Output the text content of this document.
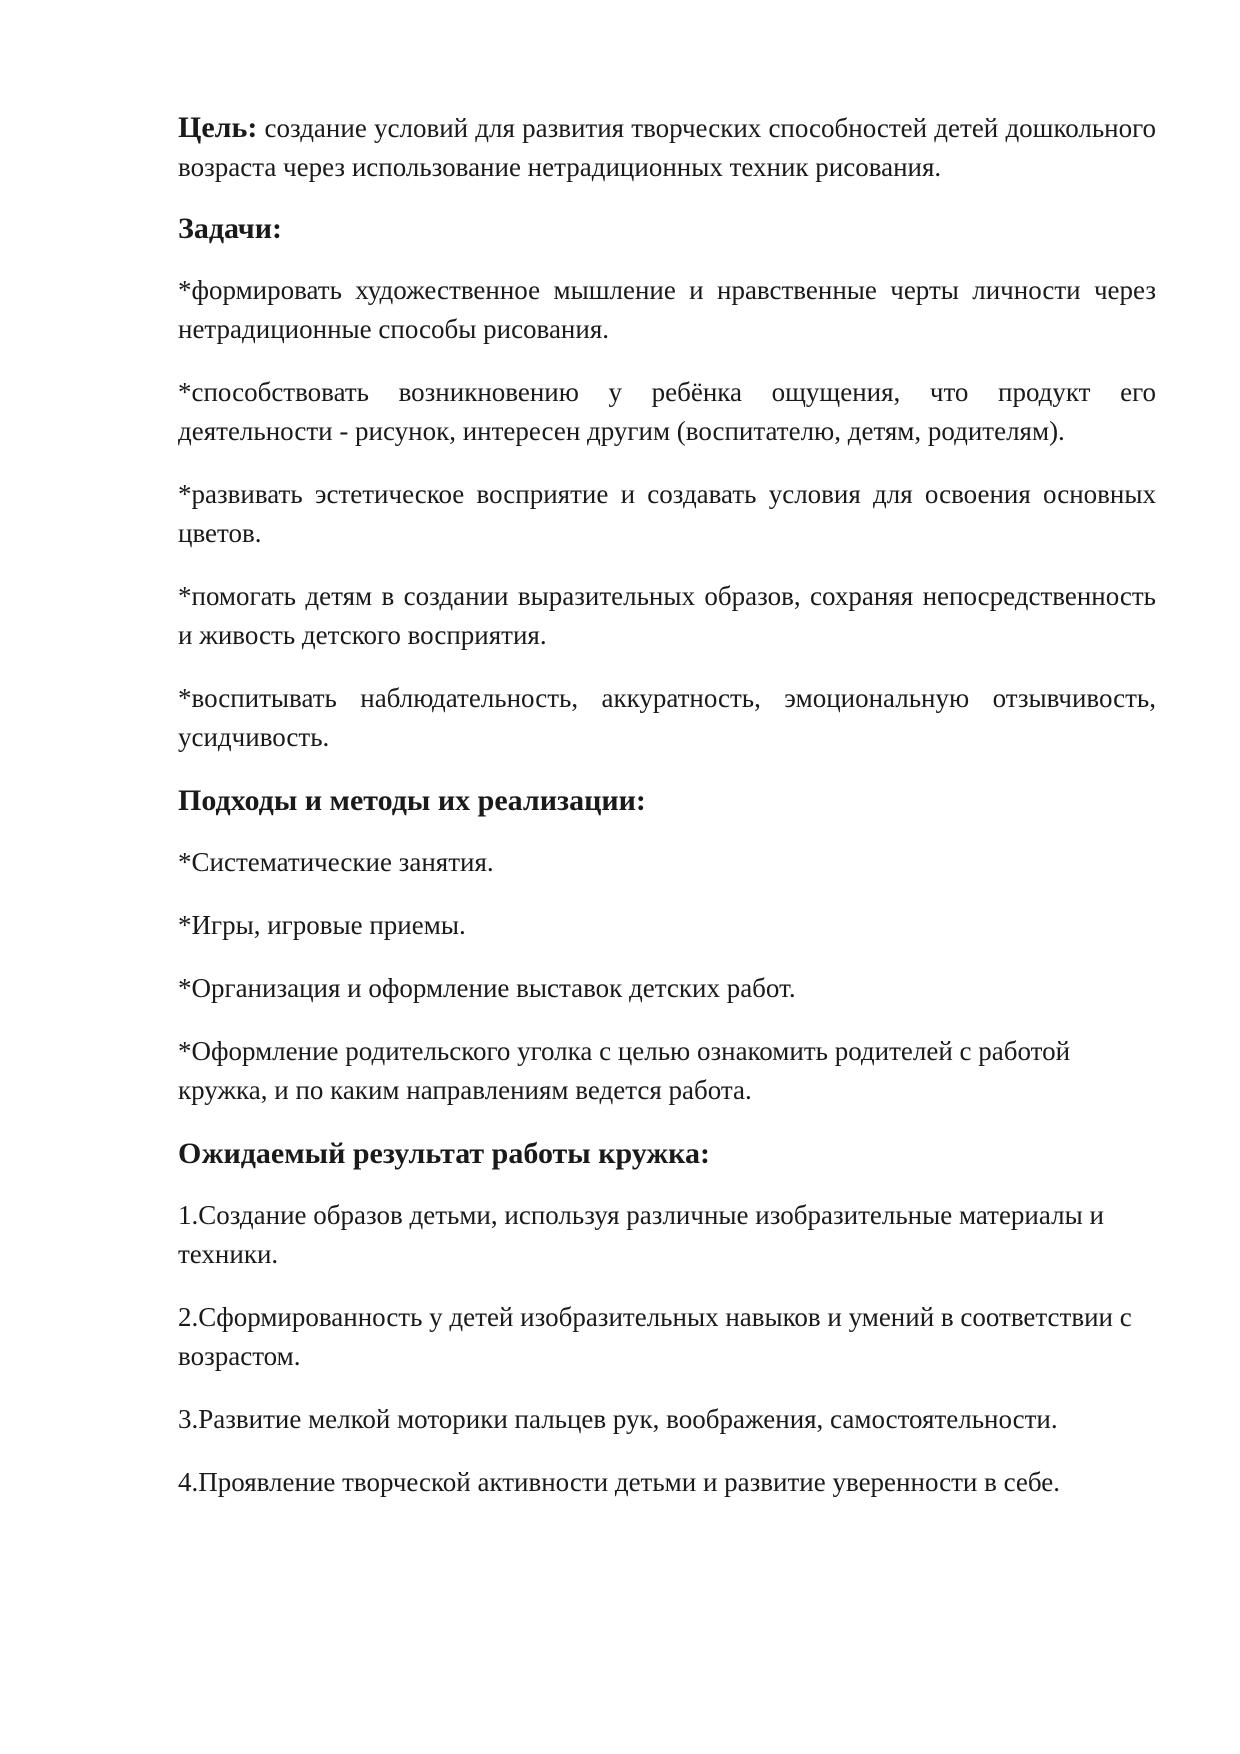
Цель: создание условий для развития творческих способностей детей дошкольного возраста через использование нетрадиционных техник рисования.

Задачи:

*формировать художественное мышление и нравственные черты личности через нетрадиционные способы рисования.

*способствовать возникновению у ребёнка ощущения, что продукт его деятельности - рисунок, интересен другим (воспитателю, детям, родителям).

*развивать эстетическое восприятие и создавать условия для освоения основных цветов.

*помогать детям в создании выразительных образов, сохраняя непосредственность и живость детского восприятия.

*воспитывать наблюдательность, аккуратность, эмоциональную отзывчивость, усидчивость.

Подходы и методы их реализации:

*Систематические занятия.

*Игры, игровые приемы.

*Организация и оформление выставок детских работ.

*Оформление родительского уголка с целью ознакомить родителей с работой кружка, и по каким направлениям ведется работа.

Ожидаемый результат работы кружка:

1.Создание образов детьми, используя различные изобразительные материалы и техники.

2.Сформированность у детей изобразительных навыков и умений в соответствии с возрастом.

3.Развитие мелкой моторики пальцев рук, воображения, самостоятельности.

4.Проявление творческой активности детьми и развитие уверенности в себе.
